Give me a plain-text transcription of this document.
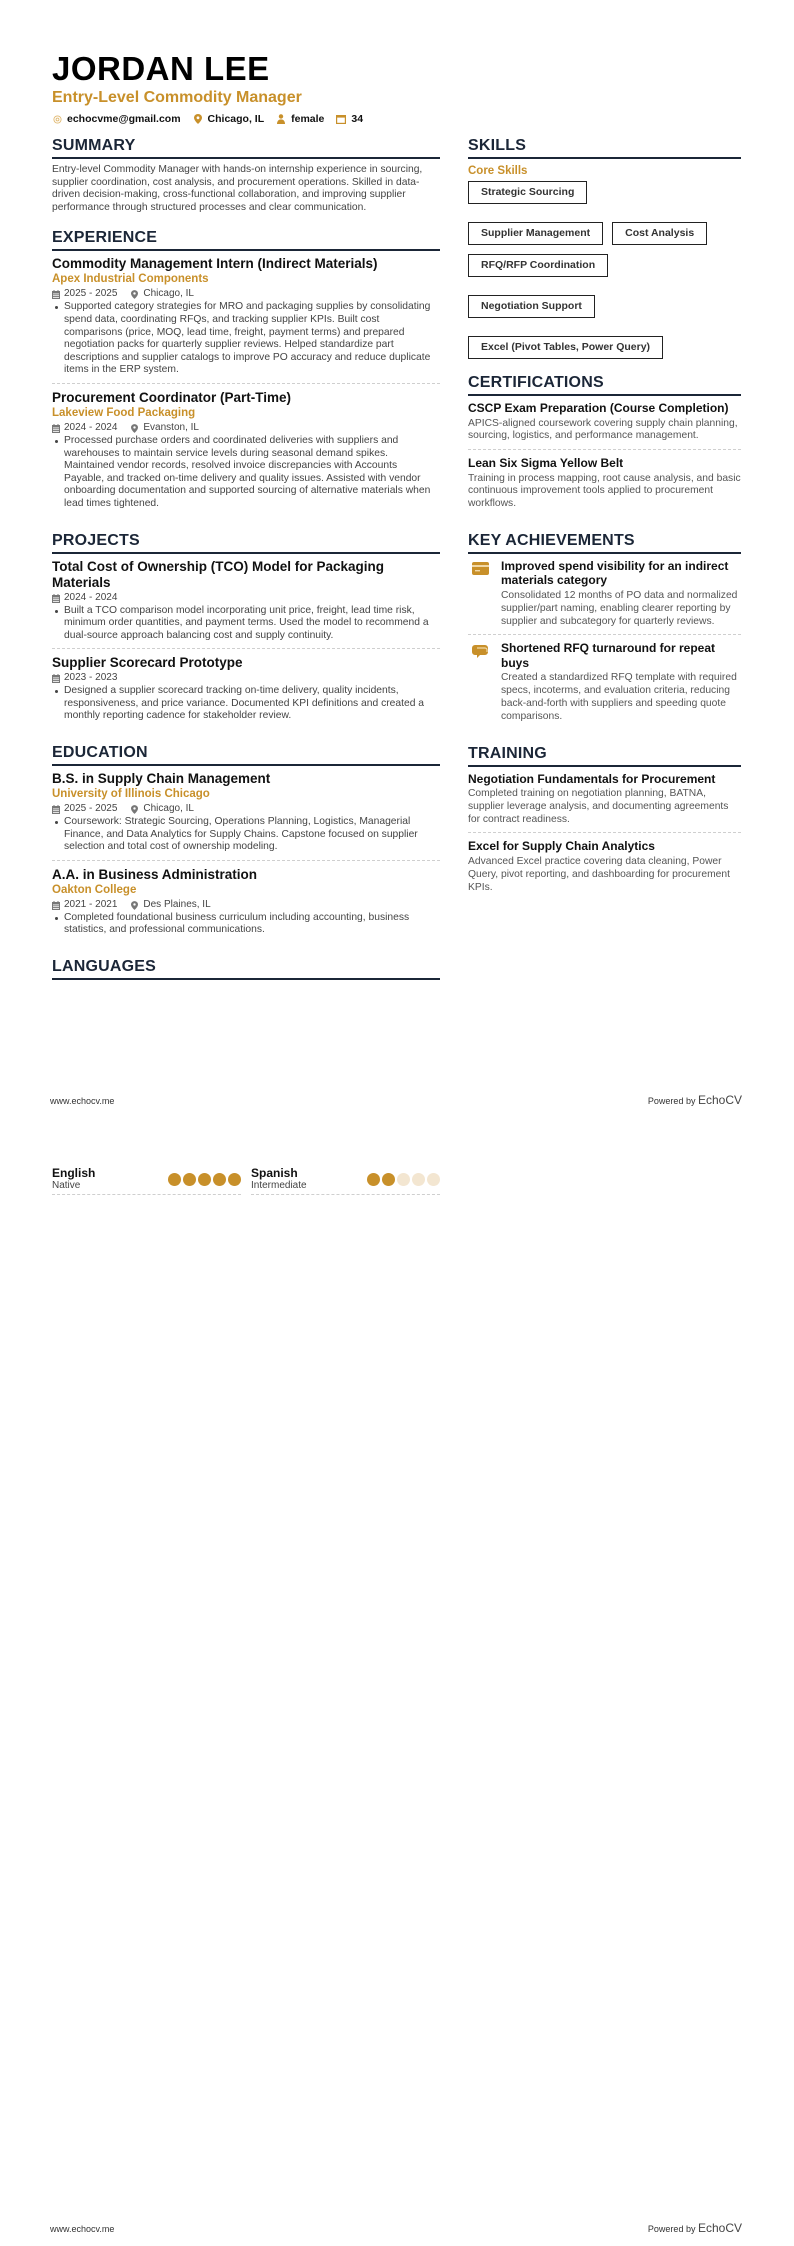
JORDAN LEE
Entry-Level Commodity Manager
echocvme@gmail.com	Chicago, IL	female	34
SUMMARY
Entry-level Commodity Manager with hands-on internship experience in sourcing, supplier coordination, cost analysis, and procurement operations. Skilled in data-driven decision-making, cross-functional collaboration, and improving supplier performance through structured processes and clear communication.
EXPERIENCE
Commodity Management Intern (Indirect Materials)
Apex Industrial Components
2025 - 2025	Chicago, IL
Supported category strategies for MRO and packaging supplies by consolidating spend data, coordinating RFQs, and tracking supplier KPIs. Built cost comparisons (price, MOQ, lead time, freight, payment terms) and prepared negotiation packs for quarterly supplier reviews. Helped standardize part descriptions and supplier catalogs to improve PO accuracy and reduce duplicate items in the ERP system.
Procurement Coordinator (Part-Time)
Lakeview Food Packaging
2024 - 2024	Evanston, IL
Processed purchase orders and coordinated deliveries with suppliers and warehouses to maintain service levels during seasonal demand spikes. Maintained vendor records, resolved invoice discrepancies with Accounts Payable, and tracked on-time delivery and quality issues. Assisted with vendor onboarding documentation and supported sourcing of alternative materials when lead times tightened.
PROJECTS
Total Cost of Ownership (TCO) Model for Packaging Materials
2024 - 2024
Built a TCO comparison model incorporating unit price, freight, lead time risk, minimum order quantities, and payment terms. Used the model to recommend a dual-source approach balancing cost and supply continuity.
Supplier Scorecard Prototype
2023 - 2023
Designed a supplier scorecard tracking on-time delivery, quality incidents, responsiveness, and price variance. Documented KPI definitions and created a monthly reporting cadence for stakeholder review.
EDUCATION
B.S. in Supply Chain Management
University of Illinois Chicago
2025 - 2025	Chicago, IL
Coursework: Strategic Sourcing, Operations Planning, Logistics, Managerial Finance, and Data Analytics for Supply Chains. Capstone focused on supplier selection and total cost of ownership modeling.
A.A. in Business Administration
Oakton College
2021 - 2021	Des Plaines, IL
Completed foundational business curriculum including accounting, business statistics, and professional communications.
LANGUAGES
SKILLS
Core Skills
Strategic Sourcing
Supplier Management	Cost Analysis
RFQ/RFP Coordination
Negotiation Support
Excel (Pivot Tables, Power Query)
CERTIFICATIONS
CSCP Exam Preparation (Course Completion)
APICS-aligned coursework covering supply chain planning, sourcing, logistics, and performance management.
Lean Six Sigma Yellow Belt
Training in process mapping, root cause analysis, and basic continuous improvement tools applied to procurement workflows.
KEY ACHIEVEMENTS
Improved spend visibility for an indirect materials category
Consolidated 12 months of PO data and normalized supplier/part naming, enabling clearer reporting by supplier and subcategory for quarterly reviews.
Shortened RFQ turnaround for repeat buys
Created a standardized RFQ template with required specs, incoterms, and evaluation criteria, reducing back-and-forth with suppliers and speeding quote comparisons.
TRAINING
Negotiation Fundamentals for Procurement
Completed training on negotiation planning, BATNA, supplier leverage analysis, and documenting agreements for contract readiness.
Excel for Supply Chain Analytics
Advanced Excel practice covering data cleaning, Power Query, pivot reporting, and dashboarding for procurement KPIs.
www.echocv.me	Powered by EchoCV
English
Native
Spanish
Intermediate
www.echocv.me	Powered by EchoCV
